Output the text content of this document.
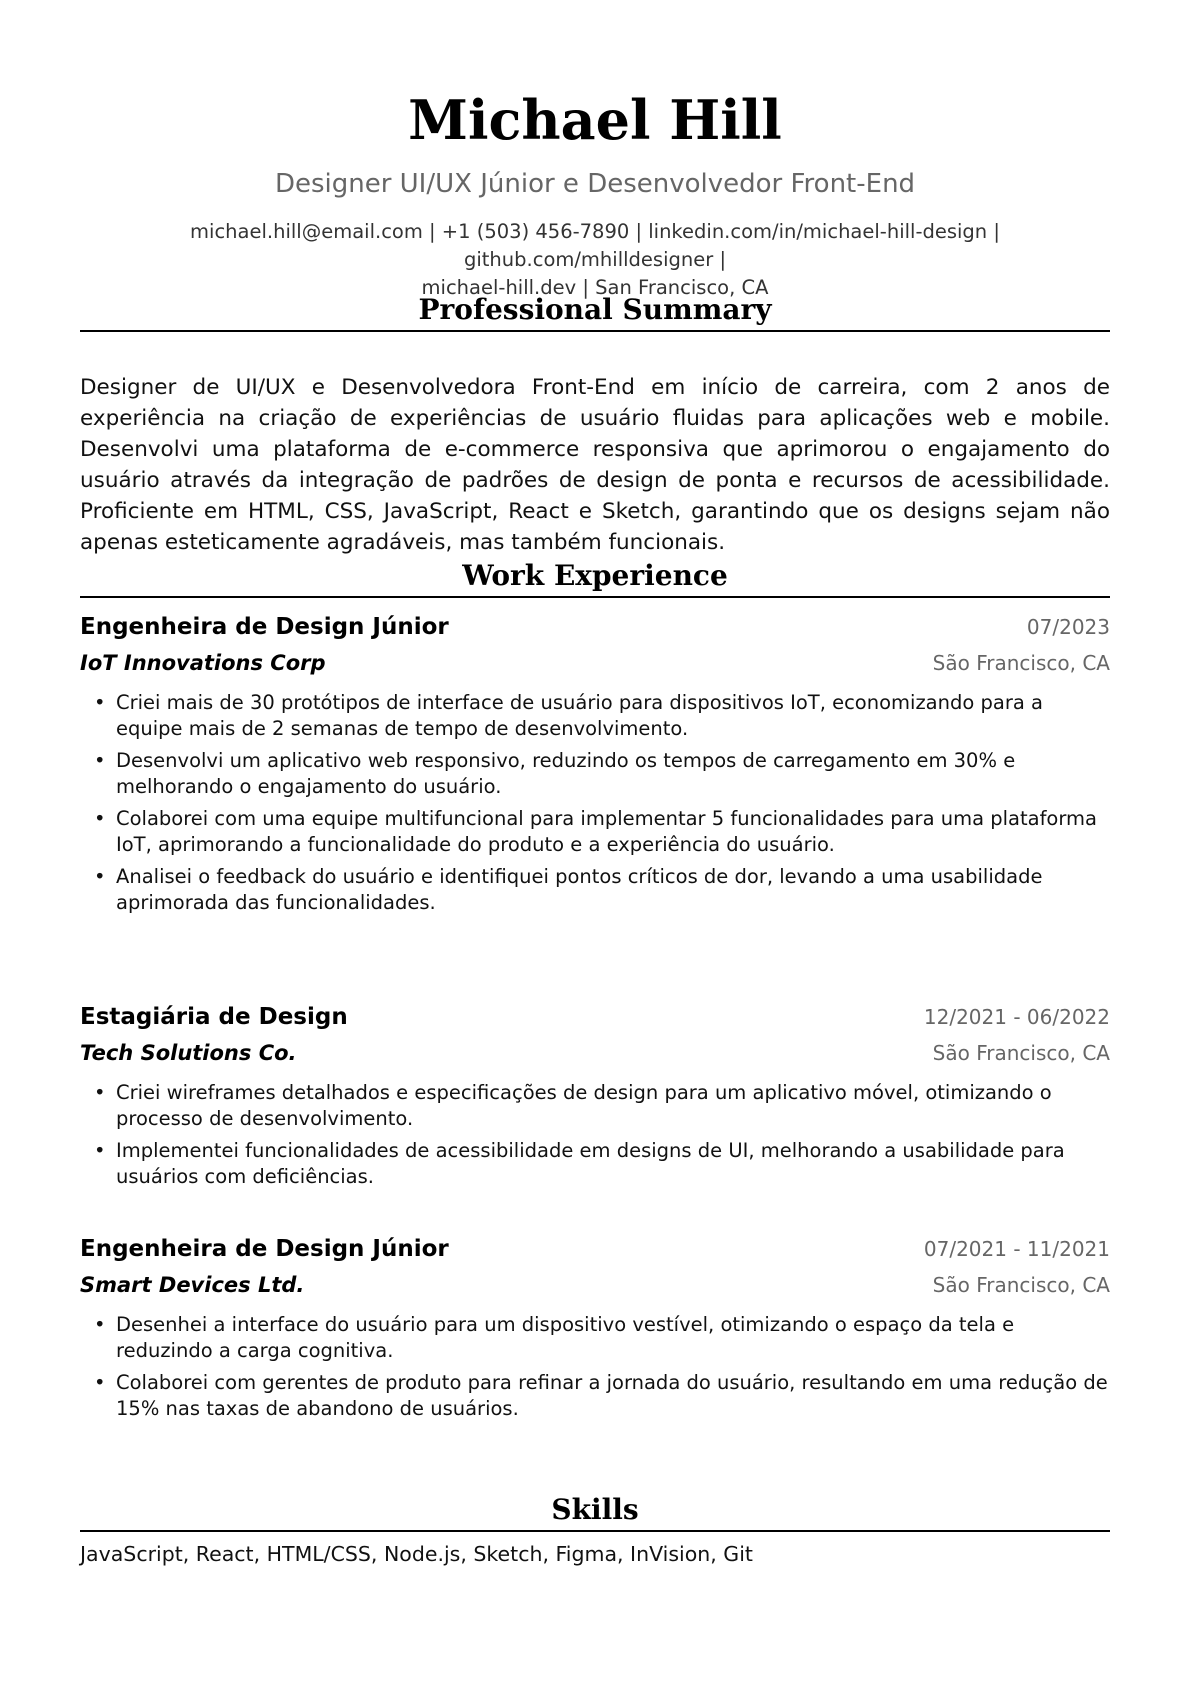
Michael Hill
Designer UI/UX Júnior e Desenvolvedor Front-End
michael.hill@email.com | +1 (503) 456-7890 | linkedin.com/in/michael-hill-design | github.com/mhilldesigner |
michael-hill.dev | San Francisco, CA
Professional Summary
Designer de UI/UX e Desenvolvedora Front-End em início de carreira, com 2 anos de experiência na criação de experiências de usuário fluidas para aplicações web e mobile. Desenvolvi uma plataforma de e-commerce responsiva que aprimorou o engajamento do usuário através da integração de padrões de design de ponta e recursos de acessibilidade. Proficiente em HTML, CSS, JavaScript, React e Sketch, garantindo que os designs sejam não apenas esteticamente agradáveis, mas também funcionais.
Work Experience
Engenheira de Design Júnior	07/2023
IoT Innovations Corp	São Francisco, CA
• Criei mais de 30 protótipos de interface de usuário para dispositivos IoT, economizando para a equipe mais de 2 semanas de tempo de desenvolvimento.
• Desenvolvi um aplicativo web responsivo, reduzindo os tempos de carregamento em 30% e melhorando o engajamento do usuário.
• Colaborei com uma equipe multifuncional para implementar 5 funcionalidades para uma plataforma IoT, aprimorando a funcionalidade do produto e a experiência do usuário.
• Analisei o feedback do usuário e identifiquei pontos críticos de dor, levando a uma usabilidade aprimorada das funcionalidades.
Estagiária de Design	12/2021 - 06/2022
Tech Solutions Co.	São Francisco, CA
• Criei wireframes detalhados e especificações de design para um aplicativo móvel, otimizando o processo de desenvolvimento.
• Implementei funcionalidades de acessibilidade em designs de UI, melhorando a usabilidade para usuários com deficiências.
Engenheira de Design Júnior	07/2021 - 11/2021
Smart Devices Ltd.	São Francisco, CA
• Desenhei a interface do usuário para um dispositivo vestível, otimizando o espaço da tela e reduzindo a carga cognitiva.
• Colaborei com gerentes de produto para refinar a jornada do usuário, resultando em uma redução de 15% nas taxas de abandono de usuários.
Skills
JavaScript, React, HTML/CSS, Node.js, Sketch, Figma, InVision, Git
